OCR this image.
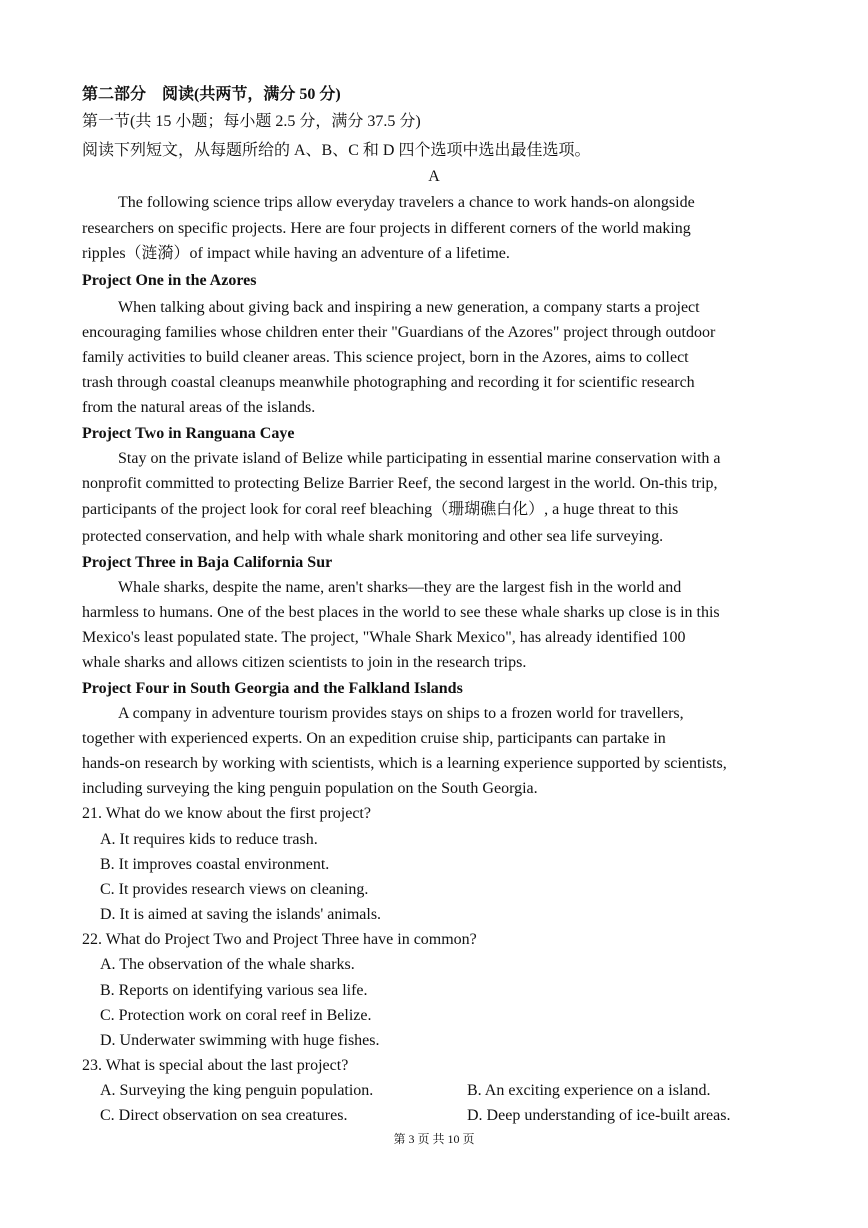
第二部分　阅读(共两节，满分 50 分)
第一节(共 15 小题；每小题 2.5 分，满分 37.5 分)
阅读下列短文，从每题所给的 A、B、C 和 D 四个选项中选出最佳选项。
A
The following science trips allow everyday travelers a chance to work hands-on alongside
researchers on specific projects. Here are four projects in different corners of the world making
ripples（涟漪）of impact while having an adventure of a lifetime.
Project One in the Azores
When talking about giving back and inspiring a new generation, a company starts a project
encouraging families whose children enter their "Guardians of the Azores" project through outdoor
family activities to build cleaner areas. This science project, born in the Azores, aims to collect
trash through coastal cleanups meanwhile photographing and recording it for scientific research
from the natural areas of the islands.
Project Two in Ranguana Caye
Stay on the private island of Belize while participating in essential marine conservation with a
nonprofit committed to protecting Belize Barrier Reef, the second largest in the world. On-this trip,
participants of the project look for coral reef bleaching（珊瑚礁白化）, a huge threat to this
protected conservation, and help with whale shark monitoring and other sea life surveying.
Project Three in Baja California Sur
Whale sharks, despite the name, aren't sharks—they are the largest fish in the world and
harmless to humans. One of the best places in the world to see these whale sharks up close is in this
Mexico's least populated state. The project, "Whale Shark Mexico", has already identified 100
whale sharks and allows citizen scientists to join in the research trips.
Project Four in South Georgia and the Falkland Islands
A company in adventure tourism provides stays on ships to a frozen world for travellers,
together with experienced experts. On an expedition cruise ship, participants can partake in
hands-on research by working with scientists, which is a learning experience supported by scientists,
including surveying the king penguin population on the South Georgia.
21. What do we know about the first project?
A. It requires kids to reduce trash.
B. It improves coastal environment.
C. It provides research views on cleaning.
D. It is aimed at saving the islands' animals.
22. What do Project Two and Project Three have in common?
A. The observation of the whale sharks.
B. Reports on identifying various sea life.
C. Protection work on coral reef in Belize.
D. Underwater swimming with huge fishes.
23. What is special about the last project?
A. Surveying the king penguin population.	B. An exciting experience on a island.
C. Direct observation on sea creatures.	D. Deep understanding of ice-built areas.
第 3 页 共 10 页
